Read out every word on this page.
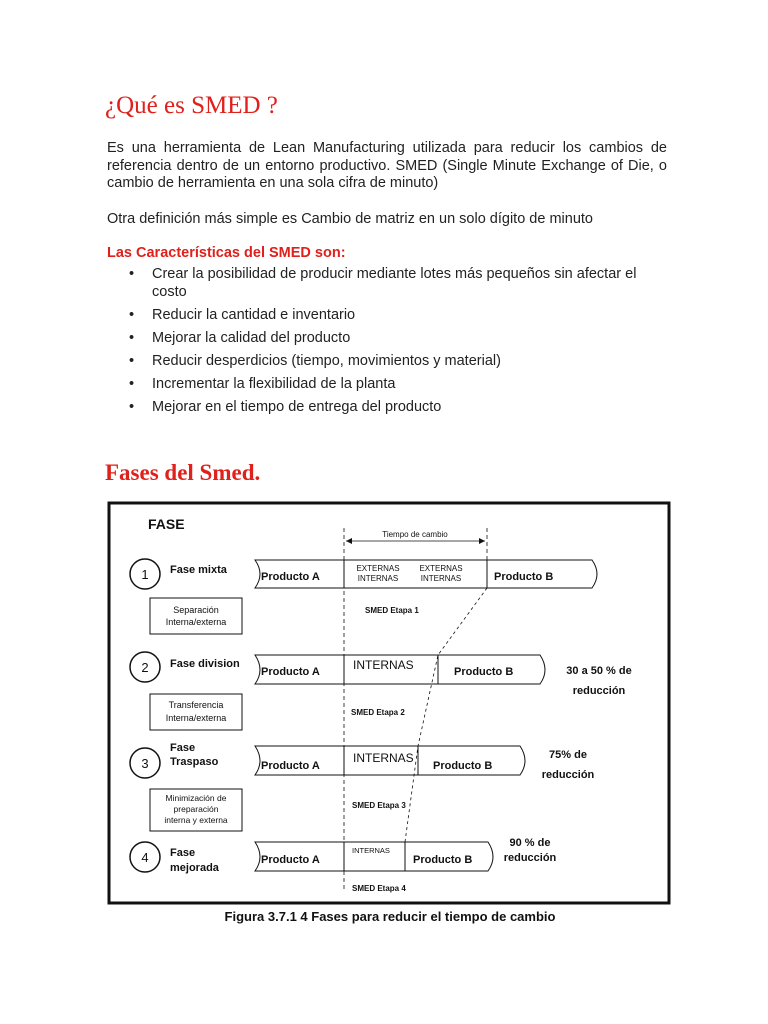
¿Qué es SMED ?

Es una herramienta de Lean Manufacturing utilizada para reducir los cambios de referencia dentro de un entorno productivo. SMED (Single Minute Exchange of Die, o cambio de herramienta en una sola cifra de minuto)

Otra definición más simple es Cambio de matriz en un solo dígito de minuto

Las Características del SMED son:
• Crear la posibilidad de producir mediante lotes más pequeños sin afectar el costo
• Reducir la cantidad e inventario
• Mejorar la calidad del producto
• Reducir desperdicios (tiempo, movimientos y material)
• Incrementar la flexibilidad de la planta
• Mejorar en el tiempo de entrega del producto
Fases del Smed.
FASE
Tiempo de cambio
1 Fase mixta
Producto A
EXTERNAS
INTERNAS
EXTERNAS
INTERNAS	Producto B
Separación
Interna/externa
SMED Etapa 1
2 Fase division
Producto A	INTERNAS	Producto B	30 a 50 % de
reducción
Transferencia
Interna/externa
SMED Etapa 2
3
Fase
Traspaso	Producto A
INTERNAS
Producto B
75% de
reducción
Minimización de
preparación
interna y externa
SMED Etapa 3
4 Fase
mejorada
Producto A
INTERNAS
Producto B
90 % de
reducción
SMED Etapa 4
Figura 3.7.1 4 Fases para reducir el tiempo de cambio
